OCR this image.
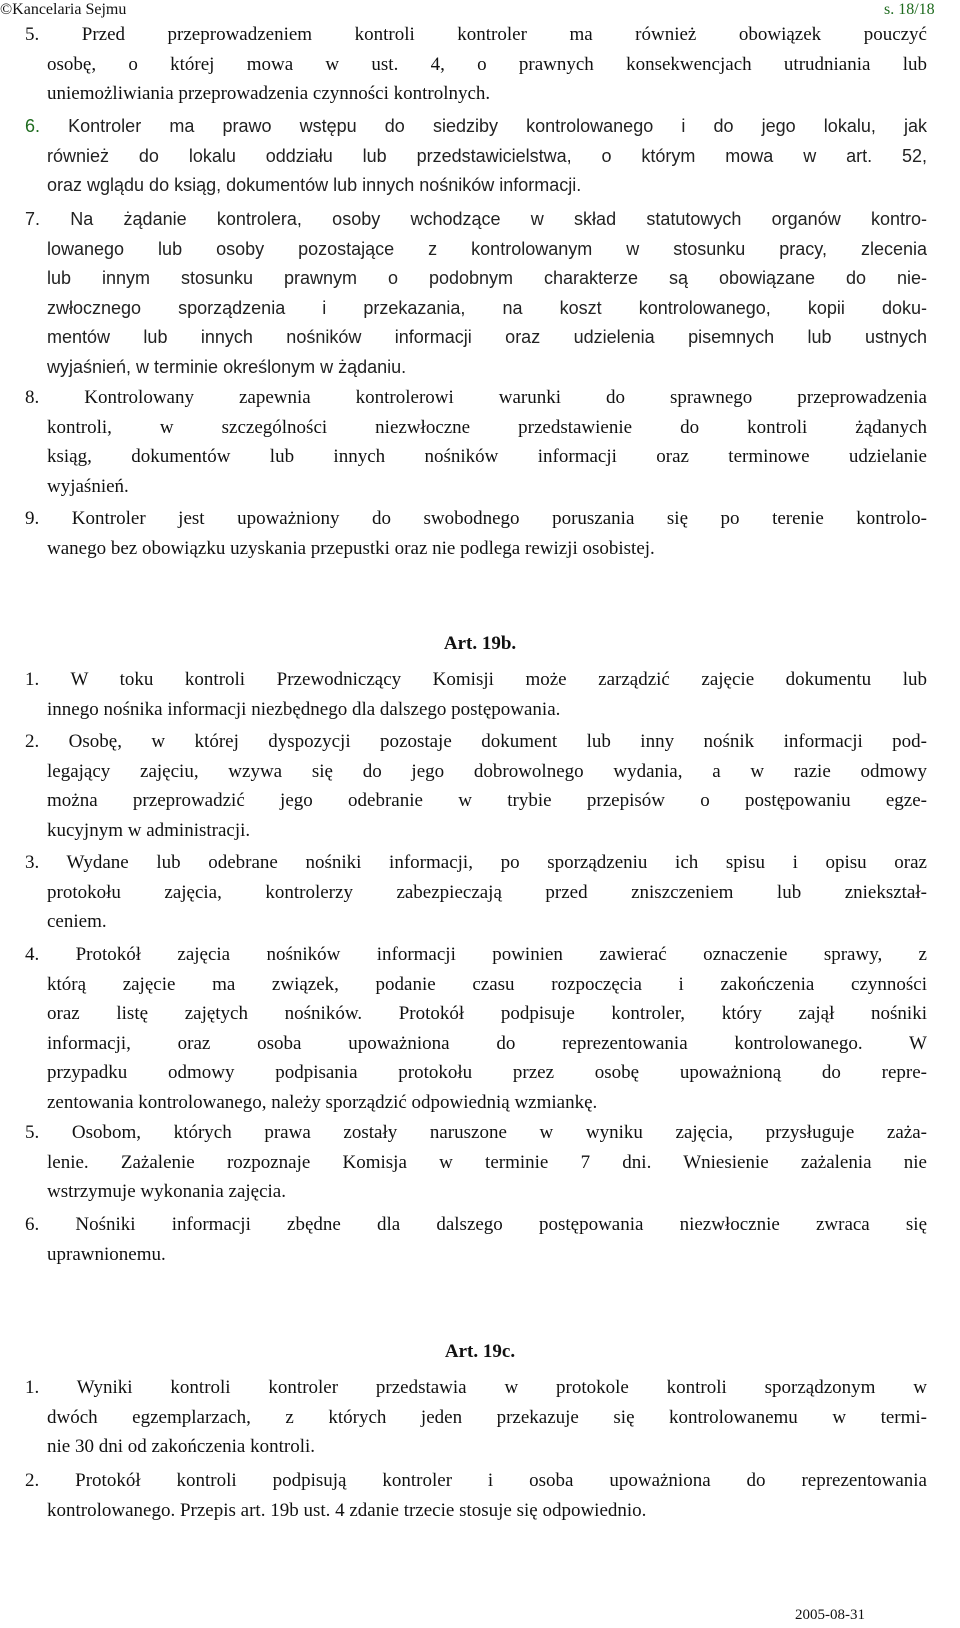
©Kancelaria Sejmu	s. 18/18
5. Przed przeprowadzeniem kontroli kontroler ma również obowiązek pouczyć
osobę, o której mowa w ust. 4, o prawnych konsekwencjach utrudniania lub
uniemożliwiania przeprowadzenia czynności kontrolnych.
6. Kontroler ma prawo wstępu do siedziby kontrolowanego i do jego lokalu, jak
również do lokalu oddziału lub przedstawicielstwa, o którym mowa w art. 52,
oraz wglądu do ksiąg, dokumentów lub innych nośników informacji.
7. Na żądanie kontrolera, osoby wchodzące w skład statutowych organów kontro-
lowanego lub osoby pozostające z kontrolowanym w stosunku pracy, zlecenia
lub innym stosunku prawnym o podobnym charakterze są obowiązane do nie-
zwłocznego sporządzenia i przekazania, na koszt kontrolowanego, kopii doku-
mentów lub innych nośników informacji oraz udzielenia pisemnych lub ustnych
wyjaśnień, w terminie określonym w żądaniu.
8. Kontrolowany zapewnia kontrolerowi warunki do sprawnego przeprowadzenia
kontroli, w szczególności niezwłoczne przedstawienie do kontroli żądanych
ksiąg, dokumentów lub innych nośników informacji oraz terminowe udzielanie
wyjaśnień.
9. Kontroler jest upoważniony do swobodnego poruszania się po terenie kontrolo-
wanego bez obowiązku uzyskania przepustki oraz nie podlega rewizji osobistej.
Art. 19b.
1. W toku kontroli Przewodniczący Komisji może zarządzić zajęcie dokumentu lub
innego nośnika informacji niezbędnego dla dalszego postępowania.
2. Osobę, w której dyspozycji pozostaje dokument lub inny nośnik informacji pod-
legający zajęciu, wzywa się do jego dobrowolnego wydania, a w razie odmowy
można przeprowadzić jego odebranie w trybie przepisów o postępowaniu egze-
kucyjnym w administracji.
3. Wydane lub odebrane nośniki informacji, po sporządzeniu ich spisu i opisu oraz
protokołu zajęcia, kontrolerzy zabezpieczają przed zniszczeniem lub zniekształ-
ceniem.
4. Protokół zajęcia nośników informacji powinien zawierać oznaczenie sprawy, z
którą zajęcie ma związek, podanie czasu rozpoczęcia i zakończenia czynności
oraz listę zajętych nośników. Protokół podpisuje kontroler, który zajął nośniki
informacji, oraz osoba upoważniona do reprezentowania kontrolowanego. W
przypadku odmowy podpisania protokołu przez osobę upoważnioną do repre-
zentowania kontrolowanego, należy sporządzić odpowiednią wzmiankę.
5. Osobom, których prawa zostały naruszone w wyniku zajęcia, przysługuje zaża-
lenie. Zażalenie rozpoznaje Komisja w terminie 7 dni. Wniesienie zażalenia nie
wstrzymuje wykonania zajęcia.
6. Nośniki informacji zbędne dla dalszego postępowania niezwłocznie zwraca się
uprawnionemu.
Art. 19c.
1. Wyniki kontroli kontroler przedstawia w protokole kontroli sporządzonym w
dwóch egzemplarzach, z których jeden przekazuje się kontrolowanemu w termi-
nie 30 dni od zakończenia kontroli.
2. Protokół kontroli podpisują kontroler i osoba upoważniona do reprezentowania
kontrolowanego. Przepis art. 19b ust. 4 zdanie trzecie stosuje się odpowiednio.
2005-08-31
